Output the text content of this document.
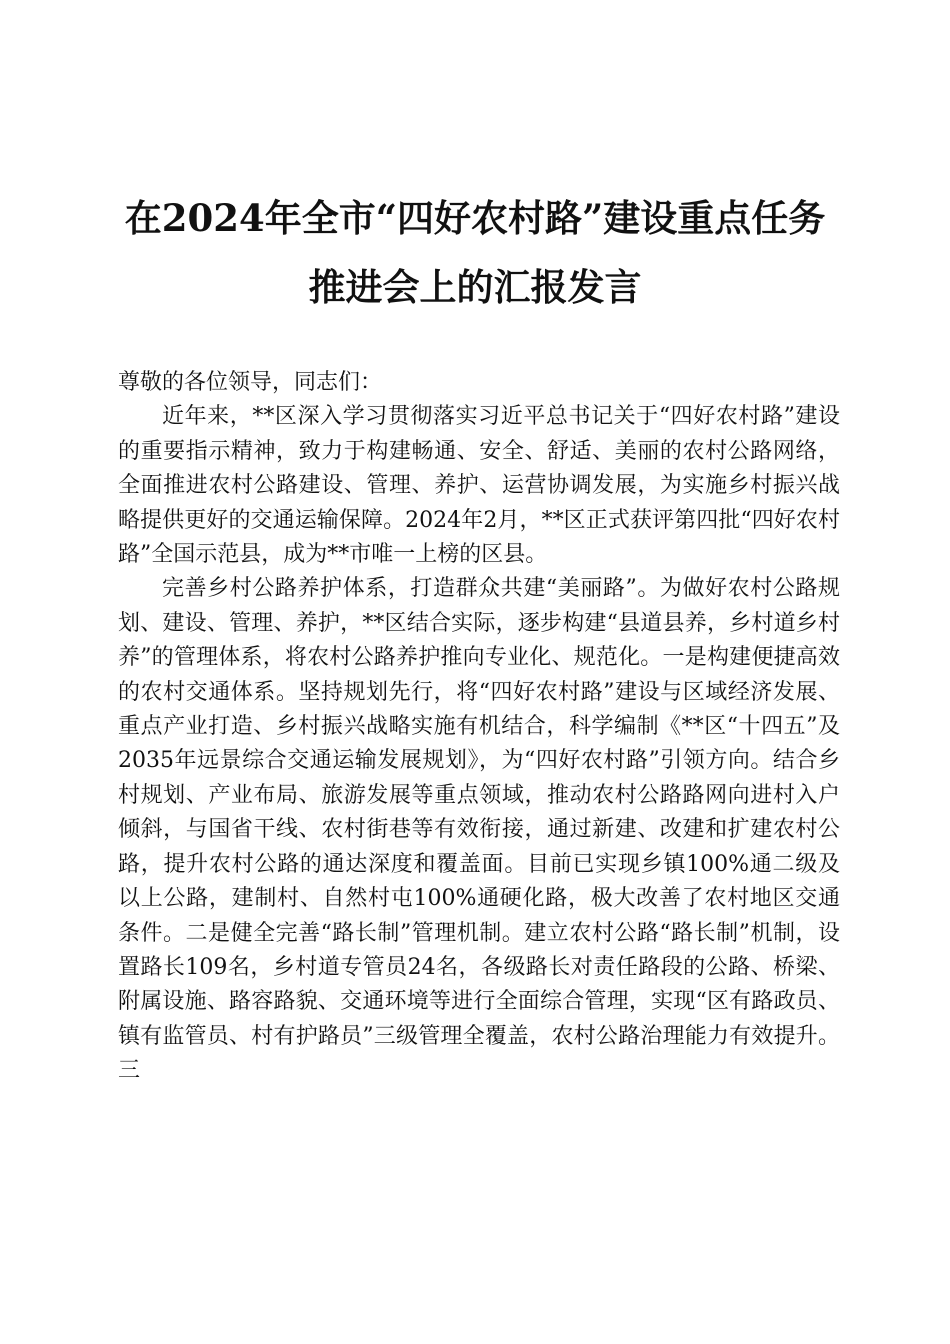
在2024年全市“四好农村路”建设重点任务
推进会上的汇报发言

尊敬的各位领导，同志们：

近年来，**区深入学习贯彻落实习近平总书记关于“四好农村路”建设的重要指示精神，致力于构建畅通、安全、舒适、美丽的农村公路网络，全面推进农村公路建设、管理、养护、运营协调发展，为实施乡村振兴战略提供更好的交通运输保障。2024年2月，**区正式获评第四批“四好农村路”全国示范县，成为**市唯一上榜的区县。

完善乡村公路养护体系，打造群众共建“美丽路”。为做好农村公路规划、建设、管理、养护，**区结合实际，逐步构建“县道县养，乡村道乡村养”的管理体系，将农村公路养护推向专业化、规范化。一是构建便捷高效的农村交通体系。坚持规划先行，将“四好农村路”建设与区域经济发展、重点产业打造、乡村振兴战略实施有机结合，科学编制《**区“十四五”及2035年远景综合交通运输发展规划》，为“四好农村路”引领方向。结合乡村规划、产业布局、旅游发展等重点领域，推动农村公路路网向进村入户倾斜，与国省干线、农村街巷等有效衔接，通过新建、改建和扩建农村公路，提升农村公路的通达深度和覆盖面。目前已实现乡镇100%通二级及以上公路，建制村、自然村屯100%通硬化路，极大改善了农村地区交通条件。二是健全完善“路长制”管理机制。建立农村公路“路长制”机制，设置路长109名，乡村道专管员24名，各级路长对责任路段的公路、桥梁、附属设施、路容路貌、交通环境等进行全面综合管理，实现“区有路政员、镇有监管员、村有护路员”三级管理全覆盖，农村公路治理能力有效提升。三
